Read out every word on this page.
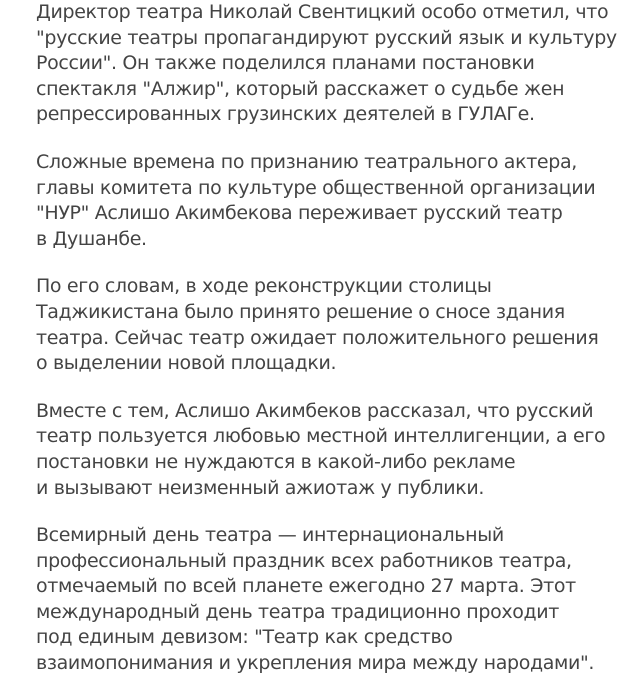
Директор театра Николай Свентицкий особо отметил, что
"русские театры пропагандируют русский язык и культуру
России". Он также поделился планами постановки
спектакля "Алжир", который расскажет о судьбе жен
репрессированных грузинских деятелей в ГУЛАГе.

Сложные времена по признанию театрального актера,
главы комитета по культуре общественной организации
"НУР" Аслишо Акимбекова переживает русский театр
в Душанбе.

По его словам, в ходе реконструкции столицы
Таджикистана было принято решение о сносе здания
театра. Сейчас театр ожидает положительного решения
о выделении новой площадки.

Вместе с тем, Аслишо Акимбеков рассказал, что русский
театр пользуется любовью местной интеллигенции, а его
постановки не нуждаются в какой-либо рекламе
и вызывают неизменный ажиотаж у публики.

Всемирный день театра — интернациональный
профессиональный праздник всех работников театра,
отмечаемый по всей планете ежегодно 27 марта. Этот
международный день театра традиционно проходит
под единым девизом: "Театр как средство
взаимопонимания и укрепления мира между народами".
